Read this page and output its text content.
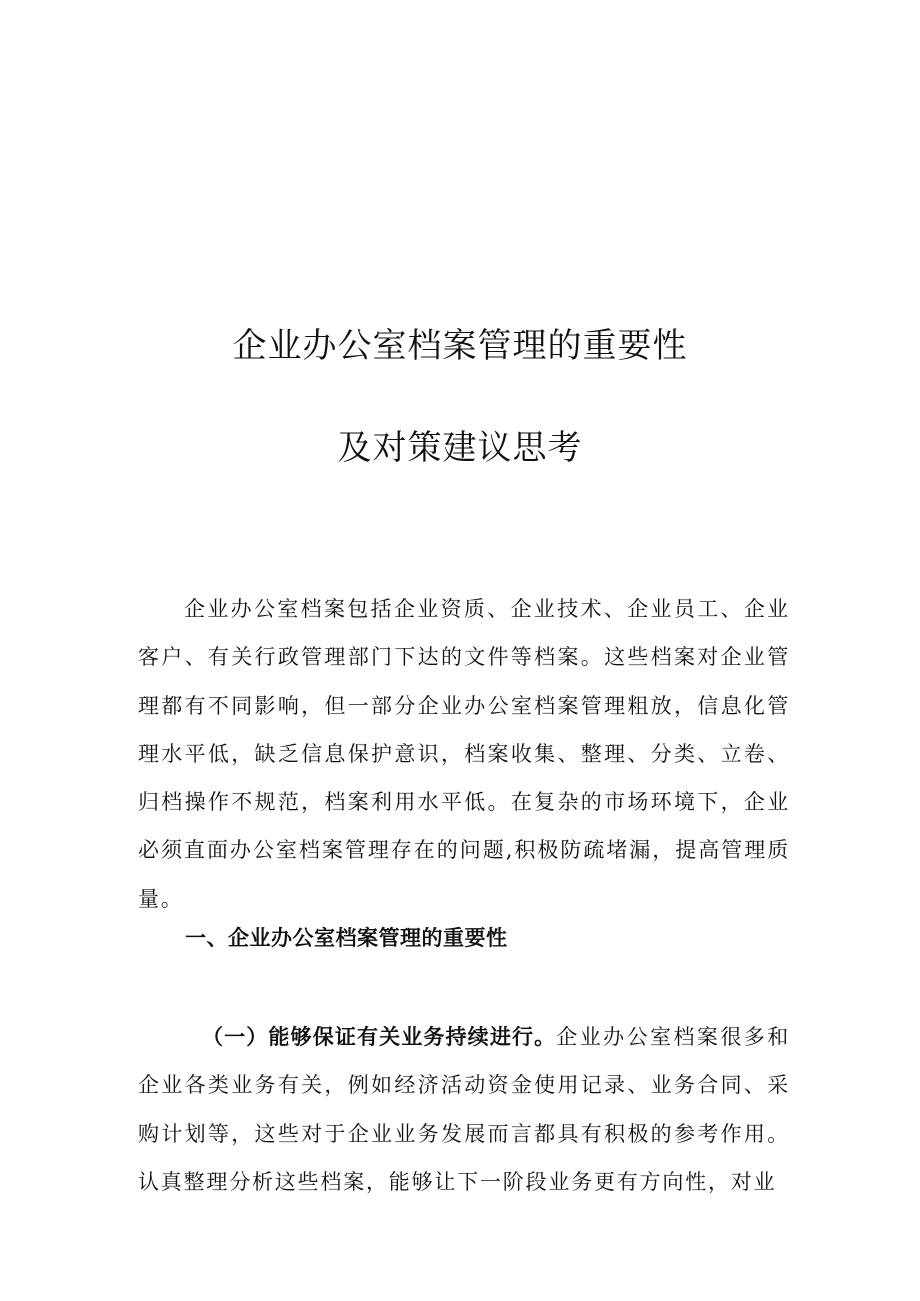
企业办公室档案管理的重要性
及对策建议思考

企业办公室档案包括企业资质、企业技术、企业员工、企业客户、有关行政管理部门下达的文件等档案。这些档案对企业管理都有不同影响，但一部分企业办公室档案管理粗放，信息化管理水平低，缺乏信息保护意识，档案收集、整理、分类、立卷、归档操作不规范，档案利用水平低。在复杂的市场环境下，企业必须直面办公室档案管理存在的问题,积极防疏堵漏，提高管理质量。

一、企业办公室档案管理的重要性

（一）能够保证有关业务持续进行。企业办公室档案很多和企业各类业务有关，例如经济活动资金使用记录、业务合同、采购计划等，这些对于企业业务发展而言都具有积极的参考作用。认真整理分析这些档案，能够让下一阶段业务更有方向性，对业
